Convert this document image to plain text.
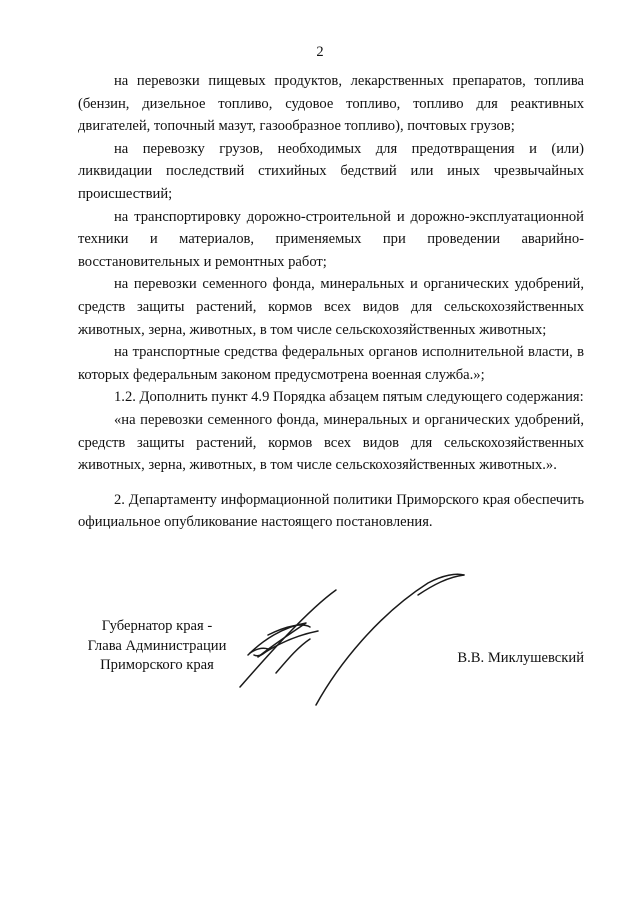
2

на перевозки пищевых продуктов, лекарственных препаратов, топлива (бензин, дизельное топливо, судовое топливо, топливо для реактивных двигателей, топочный мазут, газообразное топливо), почтовых грузов;

на перевозку грузов, необходимых для предотвращения и (или) ликвидации последствий стихийных бедствий или иных чрезвычайных происшествий;

на транспортировку дорожно-строительной и дорожно-эксплуатационной техники и материалов, применяемых при проведении аварийно-восстановительных и ремонтных работ;

на перевозки семенного фонда, минеральных и органических удобрений, средств защиты растений, кормов всех видов для сельскохозяйственных животных, зерна, животных, в том числе сельскохозяйственных животных;

на транспортные средства федеральных органов исполнительной власти, в которых федеральным законом предусмотрена военная служба.»;

1.2. Дополнить пункт 4.9 Порядка абзацем пятым следующего содержания:

«на перевозки семенного фонда, минеральных и органических удобрений, средств защиты растений, кормов всех видов для сельскохозяйственных животных, зерна, животных, в том числе сельскохозяйственных животных.».

2. Департаменту информационной политики Приморского края обеспечить официальное опубликование настоящего постановления.

Губернатор края -
Глава Администрации
Приморского края	В.В. Миклушевский
